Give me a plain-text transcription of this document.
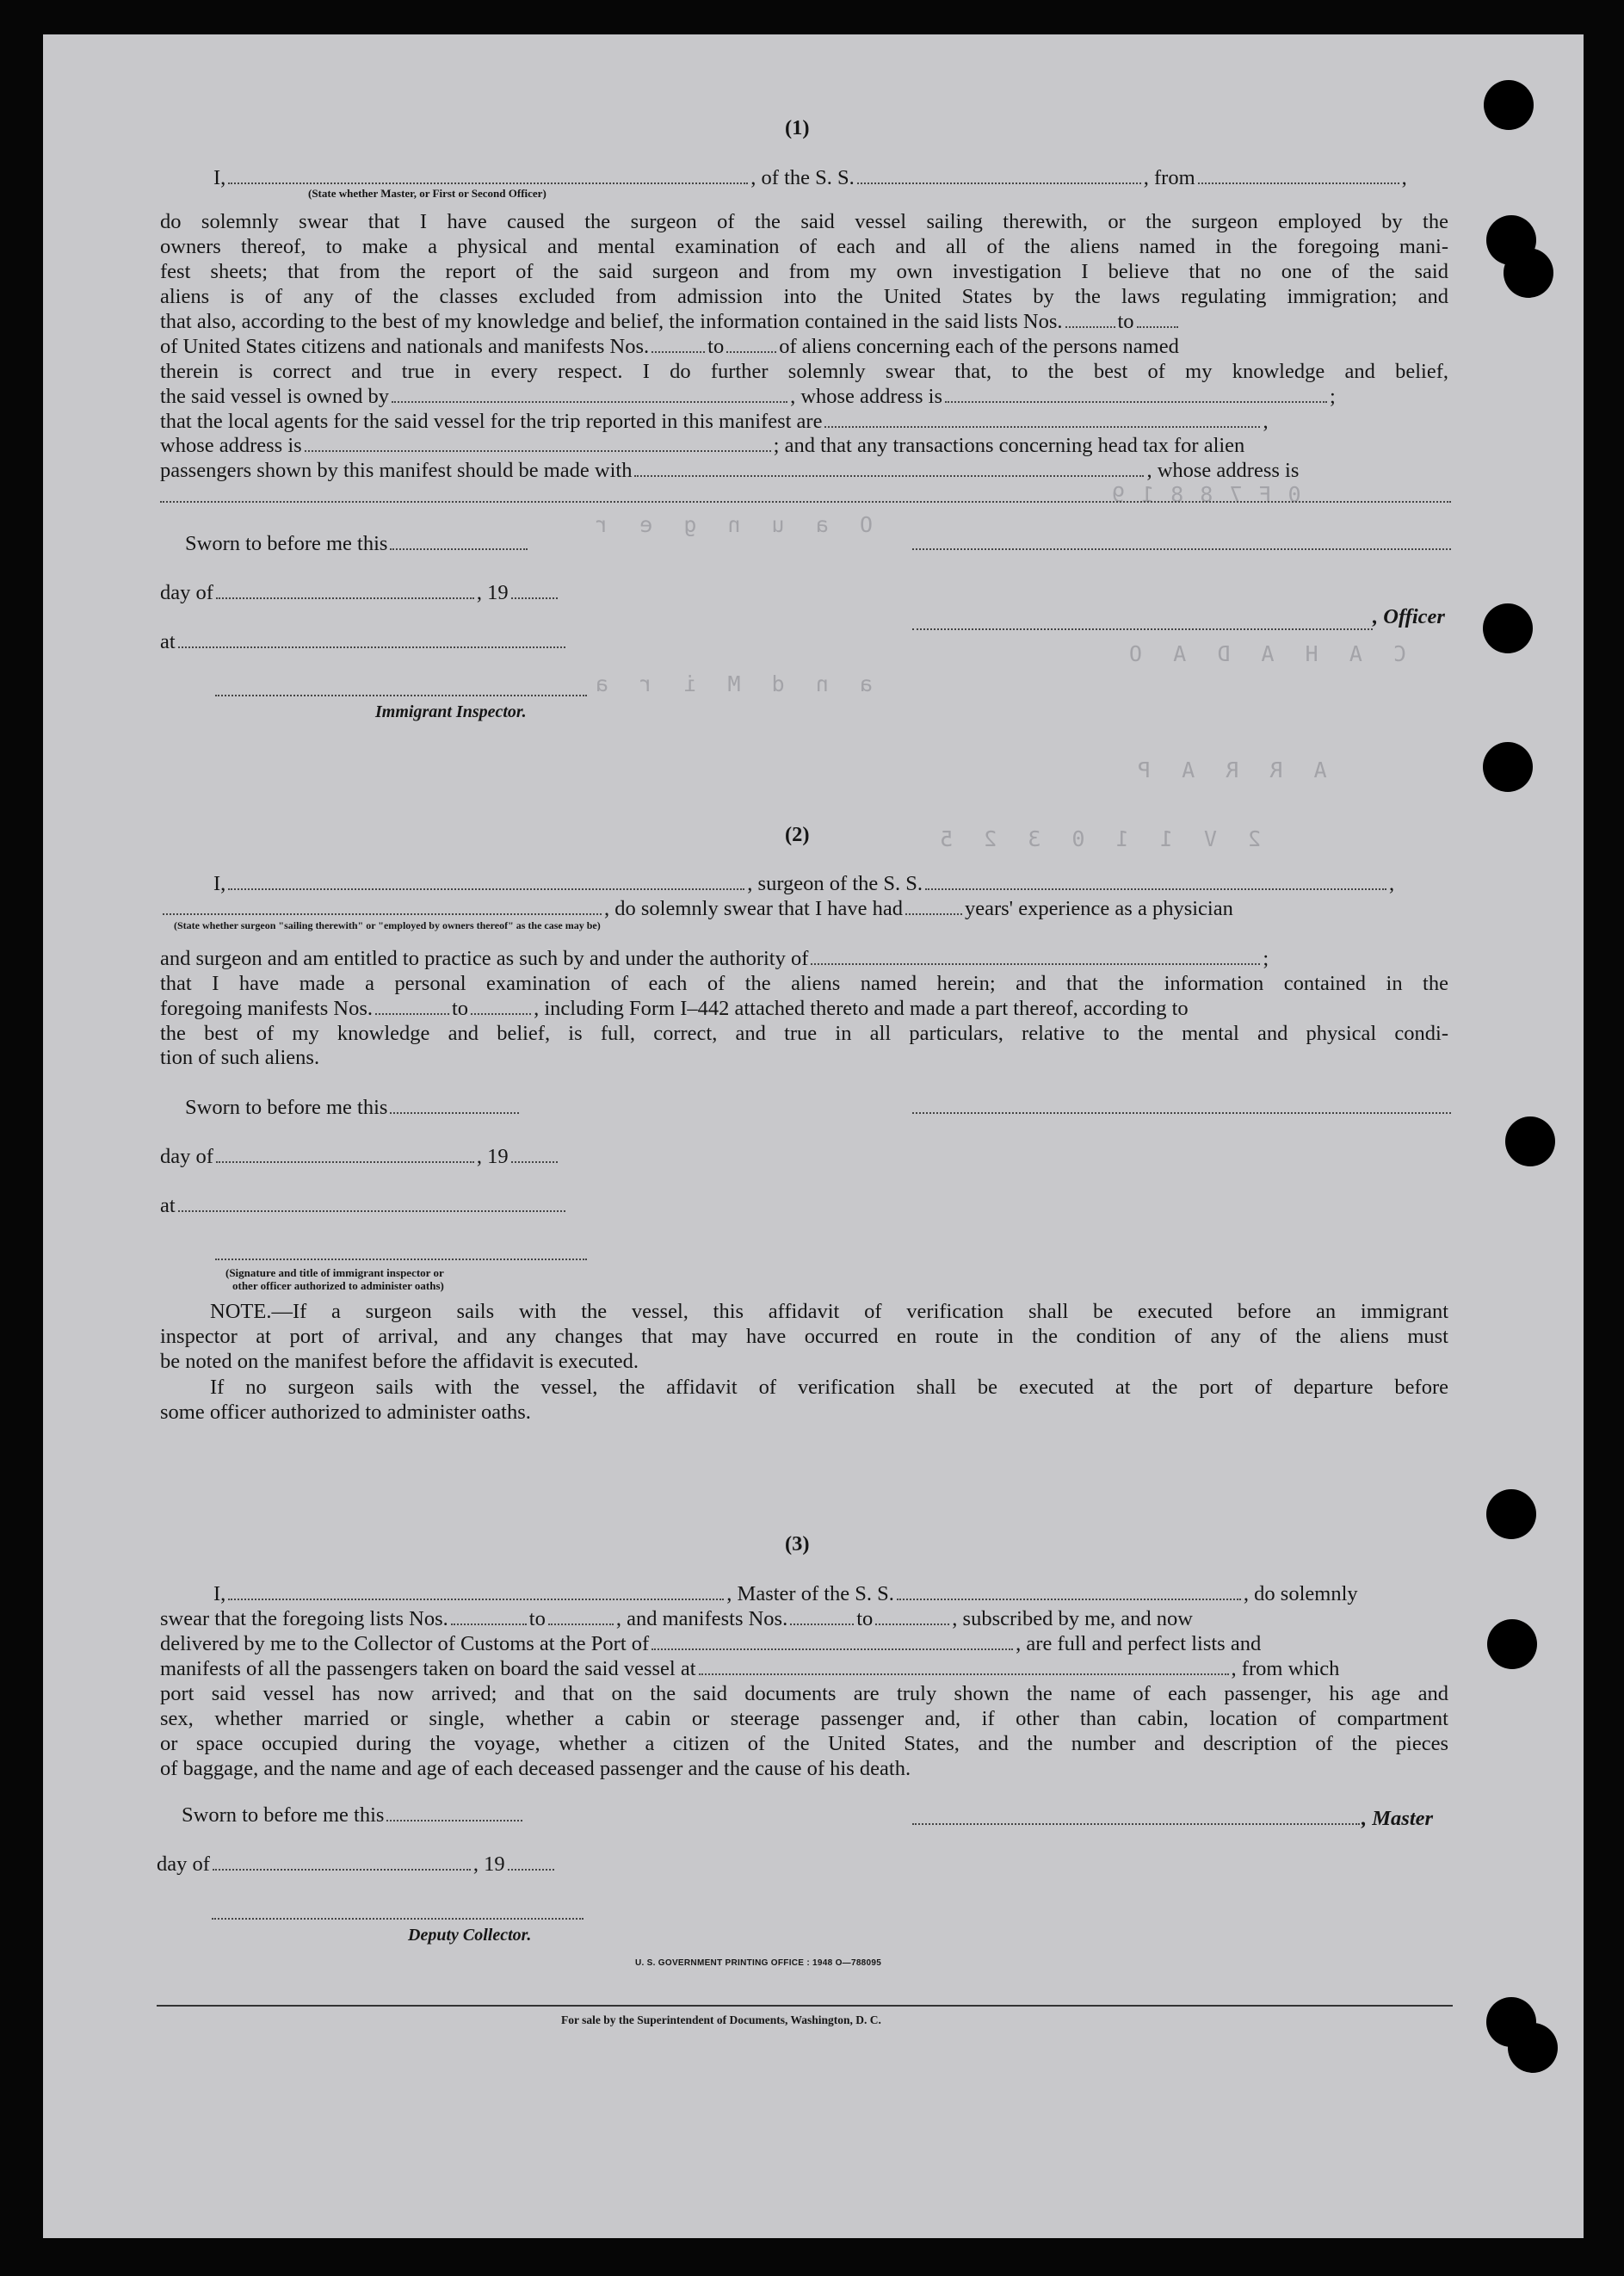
0 F 7 8 8 1 9
O  a  u  n  g  e  r
C  A  H  A  D  A  O
a  n  d  M  i  r  a
A  R  R  A  P
2  V  1  1  0  3  2  5
(1)
I,	, of the S. S.	, from	,
(State whether Master, or First or Second Officer)
do solemnly swear that I have caused the surgeon of the said vessel sailing therewith, or the surgeon employed by the
owners thereof, to make a physical and mental examination of each and all of the aliens named in the foregoing mani-
fest sheets; that from the report of the said surgeon and from my own investigation I believe that no one of the said
aliens is of any of the classes excluded from admission into the United States by the laws regulating immigration; and
that also, according to the best of my knowledge and belief, the information contained in the said lists Nos.	to
of United States citizens and nationals and manifests Nos.	to	of aliens concerning each of the persons named
therein is correct and true in every respect. I do further solemnly swear that, to the best of my knowledge and belief,
the said vessel is owned by	, whose address is	;
that the local agents for the said vessel for the trip reported in this manifest are	,
whose address is	; and that any transactions concerning head tax for alien
passengers shown by this manifest should be made with	, whose address is
Sworn to before me this
day of	, 19
, Officer
at
Immigrant Inspector.
(2)
I,	, surgeon of the S. S.	,
, do solemnly swear that I have had	years' experience as a physician
(State whether surgeon "sailing therewith" or "employed by owners thereof" as the case may be)
and surgeon and am entitled to practice as such by and under the authority of	;
that I have made a personal examination of each of the aliens named herein; and that the information contained in the
foregoing manifests Nos.	to	, including Form I–442 attached thereto and made a part thereof, according to
the best of my knowledge and belief, is full, correct, and true in all particulars, relative to the mental and physical condi-
tion of such aliens.
Sworn to before me this
day of	, 19
at
(Signature and title of immigrant inspector or
other officer authorized to administer oaths)
NOTE.—If a surgeon sails with the vessel, this affidavit of verification shall be executed before an immigrant
inspector at port of arrival, and any changes that may have occurred en route in the condition of any of the aliens must
be noted on the manifest before the affidavit is executed.
If no surgeon sails with the vessel, the affidavit of verification shall be executed at the port of departure before
some officer authorized to administer oaths.
(3)
I,	, Master of the S. S.	, do solemnly
swear that the foregoing lists Nos.	to	, and manifests Nos.	to	, subscribed by me, and now
delivered by me to the Collector of Customs at the Port of	, are full and perfect lists and
manifests of all the passengers taken on board the said vessel at	, from which
port said vessel has now arrived; and that on the said documents are truly shown the name of each passenger, his age and
sex, whether married or single, whether a cabin or steerage passenger and, if other than cabin, location of compartment
or space occupied during the voyage, whether a citizen of the United States, and the number and description of the pieces
of baggage, and the name and age of each deceased passenger and the cause of his death.
Sworn to before me this	, Master
day of	, 19
Deputy Collector.
U. S. GOVERNMENT PRINTING OFFICE : 1948 O—788095
For sale by the Superintendent of Documents, Washington, D. C.
